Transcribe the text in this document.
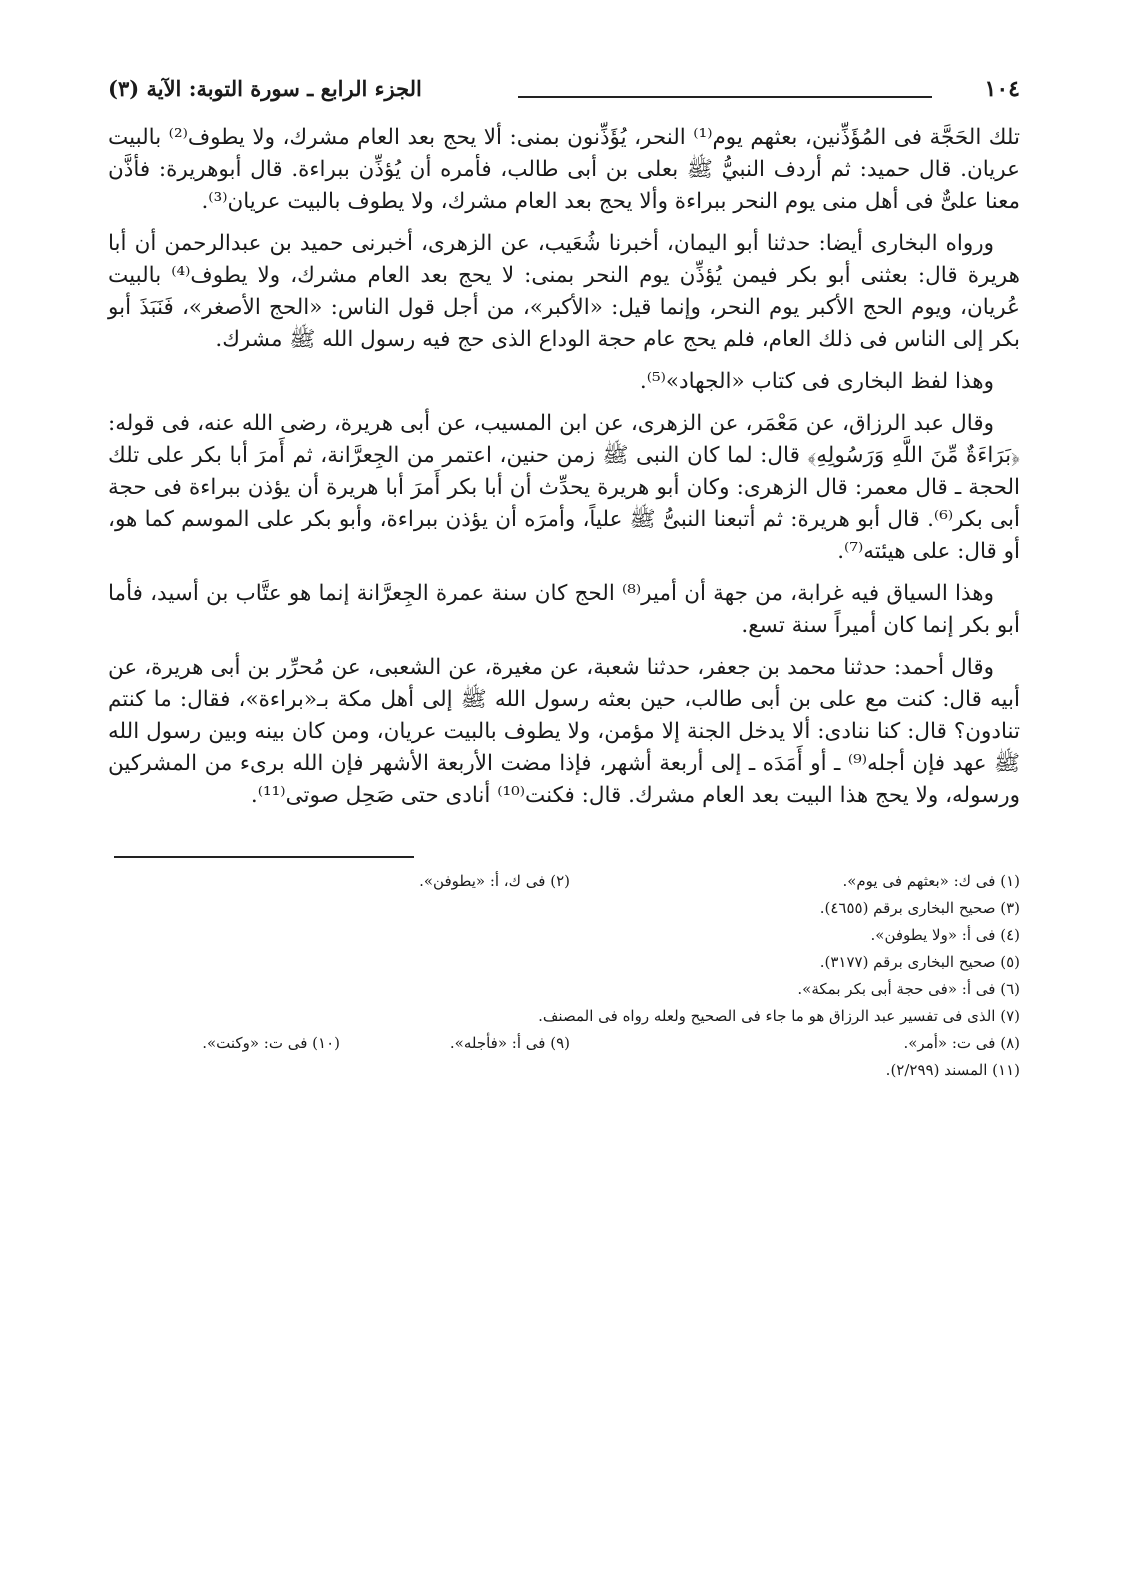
١٠٤
الجزء الرابع ـ سورة التوبة: الآية (٣)

تلك الحَجَّة فى المُؤَذِّنين، بعثهم يوم⁽¹⁾ النحر، يُؤَذِّنون بمنى: ألا يحج بعد العام مشرك، ولا يطوف⁽²⁾ بالبيت عريان. قال حميد: ثم أردف النبيُّ ﷺ بعلى بن أبى طالب، فأمره أن يُؤذِّن ببراءة. قال أبوهريرة: فأذَّن معنا علىٌّ فى أهل منى يوم النحر ببراءة وألا يحج بعد العام مشرك، ولا يطوف بالبيت عريان⁽³⁾.

ورواه البخارى أيضا: حدثنا أبو اليمان، أخبرنا شُعَيب، عن الزهرى، أخبرنى حميد بن عبدالرحمن أن أبا هريرة قال: بعثنى أبو بكر فيمن يُؤذِّن يوم النحر بمنى: لا يحج بعد العام مشرك، ولا يطوف⁽⁴⁾ بالبيت عُريان، ويوم الحج الأكبر يوم النحر، وإنما قيل: «الأكبر»، من أجل قول الناس: «الحج الأصغر»، فَنَبَذَ أبو بكر إلى الناس فى ذلك العام، فلم يحج عام حجة الوداع الذى حج فيه رسول الله ﷺ مشرك.

وهذا لفظ البخارى فى كتاب «الجهاد»⁽⁵⁾.

وقال عبد الرزاق، عن مَعْمَر، عن الزهرى، عن ابن المسيب، عن أبى هريرة، رضى الله عنه، فى قوله: ﴿بَرَاءَةٌ مِّنَ اللَّهِ وَرَسُولِهِ﴾ قال: لما كان النبى ﷺ زمن حنين، اعتمر من الجِعرَّانة، ثم أَمرَ أبا بكر على تلك الحجة ـ قال معمر: قال الزهرى: وكان أبو هريرة يحدِّث أن أبا بكر أَمرَ أبا هريرة أن يؤذن ببراءة فى حجة أبى بكر⁽⁶⁾. قال أبو هريرة: ثم أتبعنا النبىُّ ﷺ علياً، وأمرَه أن يؤذن ببراءة، وأبو بكر على الموسم كما هو، أو قال: على هيئته⁽⁷⁾.

وهذا السياق فيه غرابة، من جهة أن أمير⁽⁸⁾ الحج كان سنة عمرة الجِعرَّانة إنما هو عتَّاب بن أسيد، فأما أبو بكر إنما كان أميراً سنة تسع.

وقال أحمد: حدثنا محمد بن جعفر، حدثنا شعبة، عن مغيرة، عن الشعبى، عن مُحرِّر بن أبى هريرة، عن أبيه قال: كنت مع على بن أبى طالب، حين بعثه رسول الله ﷺ إلى أهل مكة بـ«براءة»، فقال: ما كنتم تنادون؟ قال: كنا ننادى: ألا يدخل الجنة إلا مؤمن، ولا يطوف بالبيت عريان، ومن كان بينه وبين رسول الله ﷺ عهد فإن أجله⁽⁹⁾ ـ أو أَمَدَه ـ إلى أربعة أشهر، فإذا مضت الأربعة الأشهر فإن الله برىء من المشركين ورسوله، ولا يحج هذا البيت بعد العام مشرك. قال: فكنت⁽¹⁰⁾ أنادى حتى صَحِل صوتى⁽¹¹⁾.

(١) فى ك: «بعثهم فى يوم».
(٢) فى ك، أ: «يطوفن».
(٣) صحيح البخارى برقم (٤٦٥٥).
(٤) فى أ: «ولا يطوفن».
(٥) صحيح البخارى برقم (٣١٧٧).
(٦) فى أ: «فى حجة أبى بكر بمكة».
(٧) الذى فى تفسير عبد الرزاق هو ما جاء فى الصحيح ولعله رواه فى المصنف.
(٨) فى ت: «أمر».
(٩) فى أ: «فأجله».
(١٠) فى ت: «وكنت».
(١١) المسند (٢/٢٩٩).
